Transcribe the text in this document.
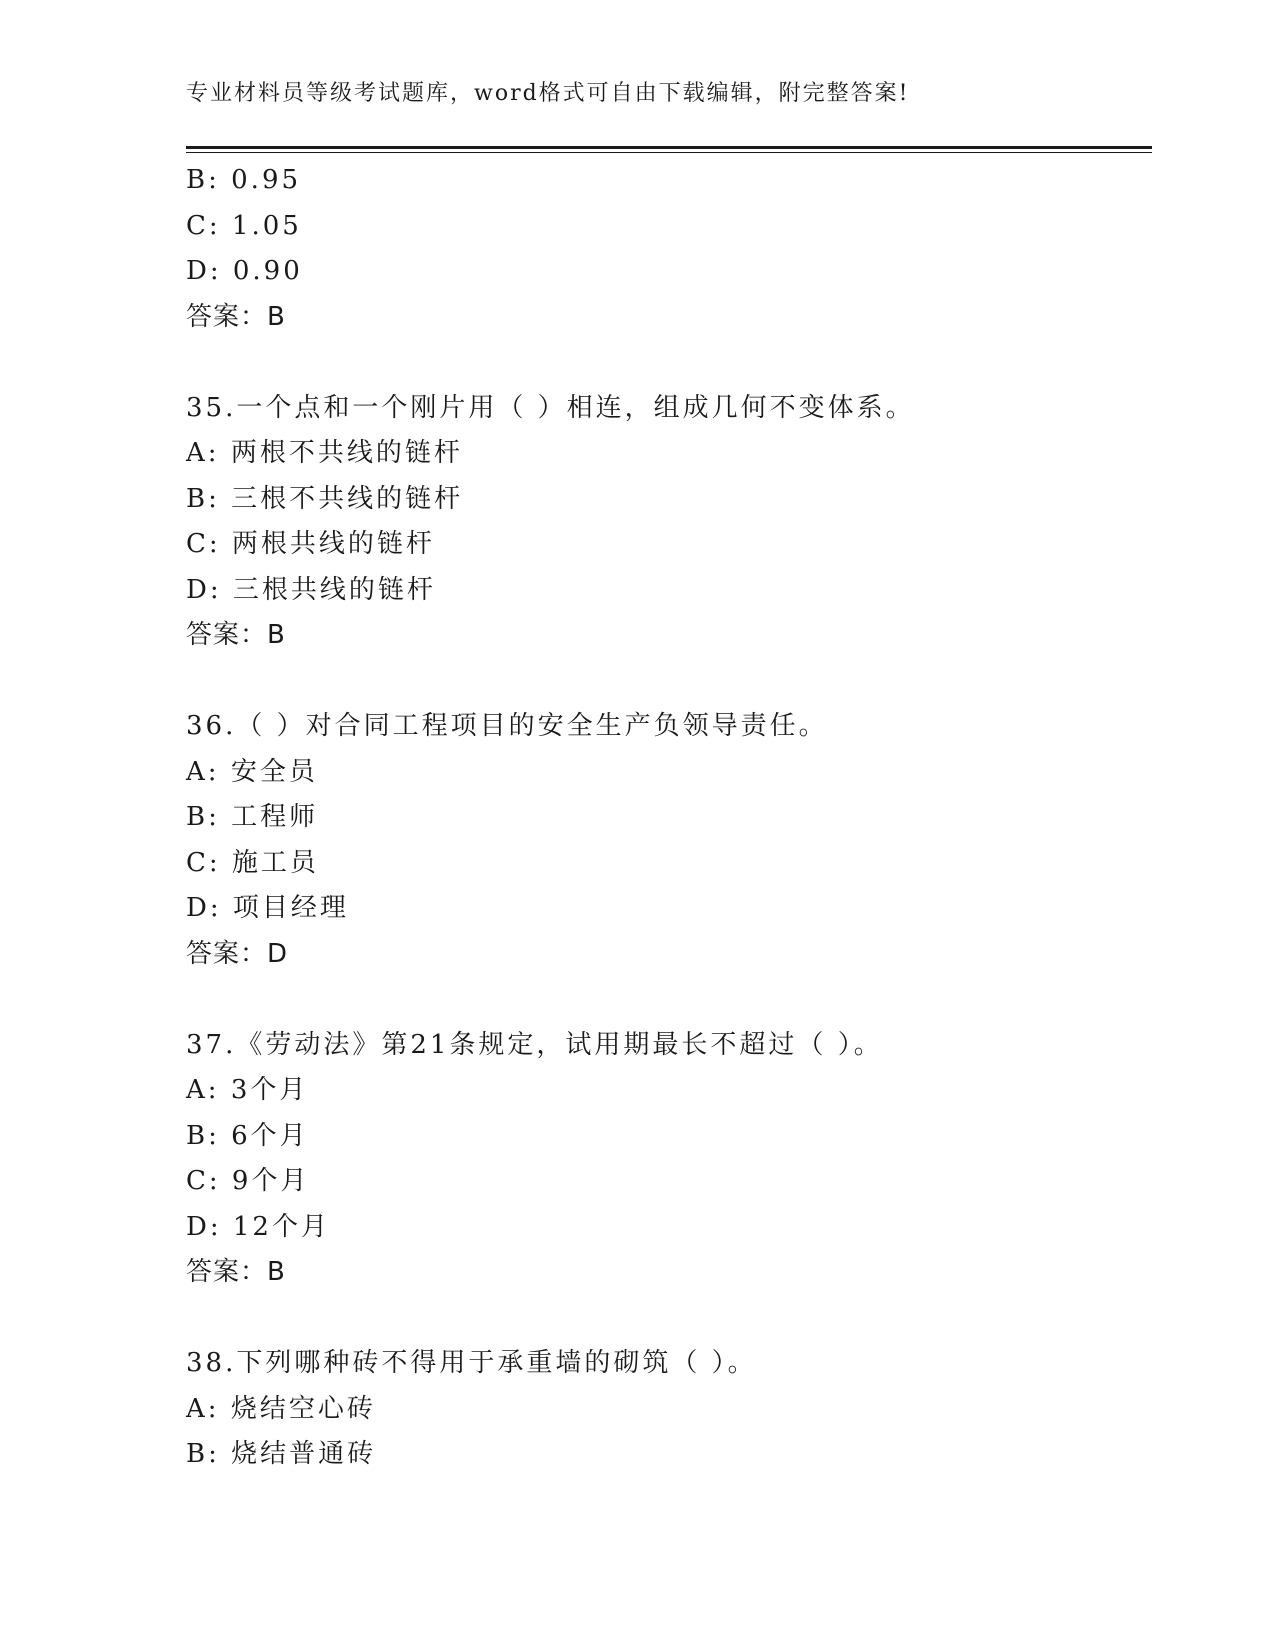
专业材料员等级考试题库，word格式可自由下载编辑，附完整答案!
B: 0.95
C: 1.05
D: 0.90
答案：B
35.一个点和一个刚片用（ ）相连，组成几何不变体系。
A: 两根不共线的链杆
B: 三根不共线的链杆
C: 两根共线的链杆
D: 三根共线的链杆
答案：B
36.（ ）对合同工程项目的安全生产负领导责任。
A: 安全员
B: 工程师
C: 施工员
D: 项目经理
答案：D
37.《劳动法》第21条规定，试用期最长不超过（ ）。
A: 3个月
B: 6个月
C: 9个月
D: 12个月
答案：B
38.下列哪种砖不得用于承重墙的砌筑（ ）。
A: 烧结空心砖
B: 烧结普通砖
